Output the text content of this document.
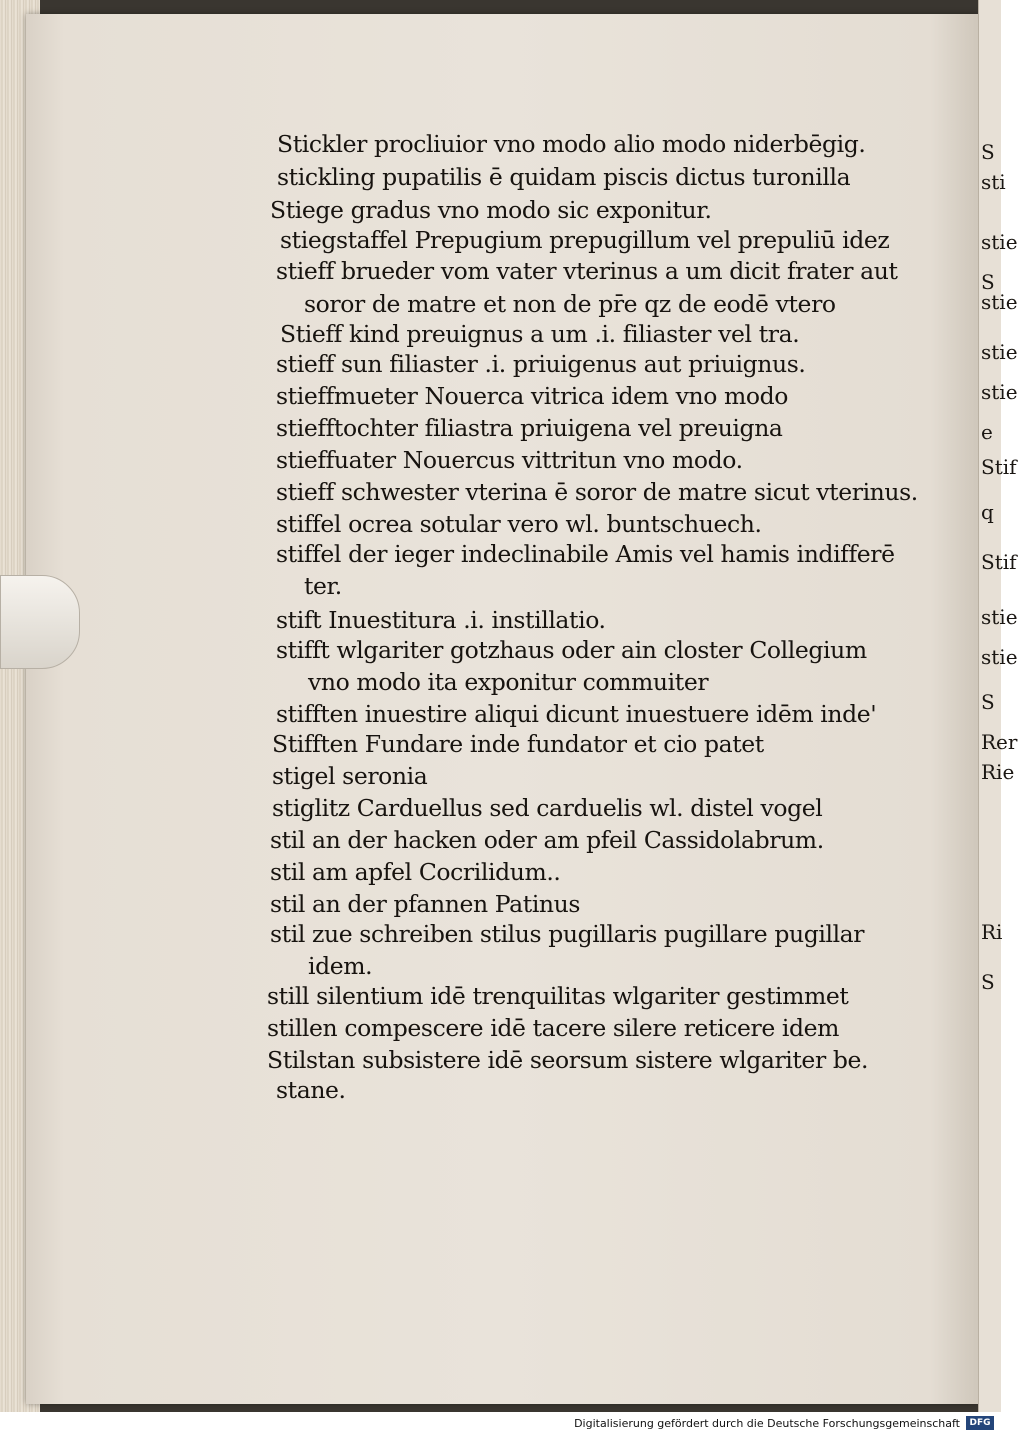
S
sti
stie
S
stie
stie
stie
e
Stif
q
Stif
stie
stie
S
Rer
Rie
Ri
S
Stickler procliuior vno modo alio modo niderbēgig.
stickling pupatilis ē quidam piscis dictus turonilla
Stiege gradus vno modo sic exponitur.
stiegstaffel Prepugium prepugillum vel prepuliū idez
stieff brueder vom vater vterinus a um dicit frater aut
soror de matre et non de pr̄e qz de eodē vtero
Stieff kind preuignus a um .i. filiaster vel tra.
stieff sun filiaster .i. priuigenus aut priuignus.
stieffmueter Nouerca vitrica idem vno modo
stiefftochter filiastra priuigena vel preuigna
stieffuater Nouercus vittritun vno modo.
stieff schwester vterina ē soror de matre sicut vterinus.
stiffel ocrea sotular vero wl. buntschuech.
stiffel der ieger indeclinabile Amis vel hamis indifferē
ter.
stift Inuestitura .i. instillatio.
stifft wlgariter gotzhaus oder ain closter Collegium
vno modo ita exponitur commuiter
stifften inuestire aliqui dicunt inuestuere idēm inde'
Stifften Fundare inde fundator et cio patet
stigel seronia
stiglitz Carduellus sed carduelis wl. distel vogel
stil an der hacken oder am pfeil Cassidolabrum.
stil am apfel Cocrilidum..
stil an der pfannen Patinus
stil zue schreiben stilus pugillaris pugillare pugillar
idem.
still silentium idē trenquilitas wlgariter gestimmet
stillen compescere idē tacere silere reticere idem
Stilstan subsistere idē seorsum sistere wlgariter be.
stane.
Digitalisierung gefördert durch die Deutsche Forschungsgemeinschaft	DFG
